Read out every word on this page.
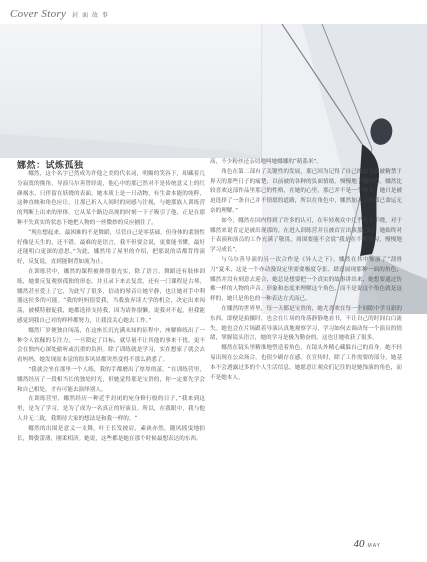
Cover Story 封 面 故 事
娜然：试炼孤独

娜然，这个名字已然成为许他之美的代名词，明媚的笑容下，却藏着几分寂寞的挽角。导演乌尔善曾经说，他心中的那已然对不是传统意义上的红颜祸水，只伴留在妖娆的表面。她本质上是一只动物，有生命本能的纯粹，这种直映和角色应让，让那已折入人间时的同感与注视，与她那族人训练营的判断上出来的形体。它从某个路边出现的时刻一下子吸引了他，正是在那种不失真实的状态下她把人物的一丝微妙的反应捕住了。

“现在想起来，最困难的不是舞蹈，尽管自己是零基础，但身体的柔韧性好像是天生的，还不错，最难的是语言，我不但要会说，更要能书懂，最好还能明白更深的意思。”为此，娜然用了屋里的介绍，把那说的话都背得滚好，反复说，直到能倒背如流为止。

在训练营中，娜然的课程被排得很充实，除了语言，舞蹈还有肢体训练，她要反复观察孤独的形态，并且录下来去复盘，还有一门课程是古琴，娜然甚至爱上了它，为此写了很多，信动的琴音让她平静，也让她对手中利器这拉多的可能。“我的妈妈很爱我，当我放弃读大学的机会，决定出来闯荡，被模特催促我，她都选择支持我，因为请你很懒，说我对不起，但我能感觉到我自己对的样样都努力，让我没关心她去工作。”

娜然厂岁便独自闯荡，在这座长沉充满未知的征程中，座解修练出了一种令人钦佩的专注力，一旦锁定了目标，就尽量不让其他的事来干扰，更不会在独内心深处偷听或沉重的负担。除了训练就是学习，实在想家了就会去看妈妈，她发现原本觉的很多风景都突然变得不那么熟悉了。

”我就会坐在那里一个人练，我的手都磨出了厚厚的茧。“在训练营里，娜然经历了一段相当长的独处时光，但她觉得那是宝贵的，你一定要先学会和自己相处，才有可能去演绎别人。

在训练营里，娜然经历一种近乎封闭的宛身修行般的日子，”我来到这里，是为了学习，是为了成为一名真正的好演员。所以，在我眼中，我与他人并无二致，我期待大家的想法是和我一样的。“

娜然的出围是意义一支舞，叶王长发披肩，素袂亦然，随风摇曳地拍长，舞姿蕾薄，刚柔相济。她说，这些都是她在那个时候最想表达的东西。

高，不少粉丝还亲切地叫她娜娜的“萌系米”。

角色在第二部有了关键性的发展，那已因为记得了自己的法力而被精禁于界天的那些日子的痛楚，以前被的各种的负面情绪，慢慢地了她的心。娜然比较喜欢这部作品里那已的性格，在她的心里，那已并不是一个坏人，她只是被迫选择了一条自己并不情愿的道路，所以在角色中，娜然加入了对那已命运无奈的理解。”

如今，娜然在国内得到了许多的认可，在年轻观众中几乎无人不晓，对于娜然来说肯定是被出现那的。在进入训练营并且被首宣出演那已时，她始终对于表演和演员的工作充满了敬畏，周围要能不会说“我是在不断学习，慢慢地学习成长”。

与乌尔善导演的另一次合作是《异人之下》。娜然在其中饰演了“刮骨刀”夏禾，这是一个亦动漫设定里需要极度夺张、肆意展现那种一面的角色，娜然并没有刻意去迎合，她总是想要把一个真实的故事讲出来，她想要通过仿佛一样的人物的声音、形象和态度来理解这个角色，而不是说这个角色就是这样的，她只是角色的一种表达方式而已。

在娜然的世界里，每一天都是宝贵的，她尤喜欢在每一个间隙中学习新的东西。即便是拍摄时，也会在片场的角落静静地看书，不让自己的时间白白流失。她也会在片场跟着导演认真地观察学习，学习如何去调动每一个演员的情绪，掌握镜头语言，她的学习是极为勤奋的，这也让她收获了很多。

娜然在镜头里精准地塑造着角色，在镜头外精心藏躲自己的真身。她不轻易出现在公众场合，也很少刷存在感。在宣传时，除了工作需要的部分，她基本不会透露过多的个人生活信息，她愿意让观众们记住的是她饰演的角色，而不是她本人。

40 MAY
